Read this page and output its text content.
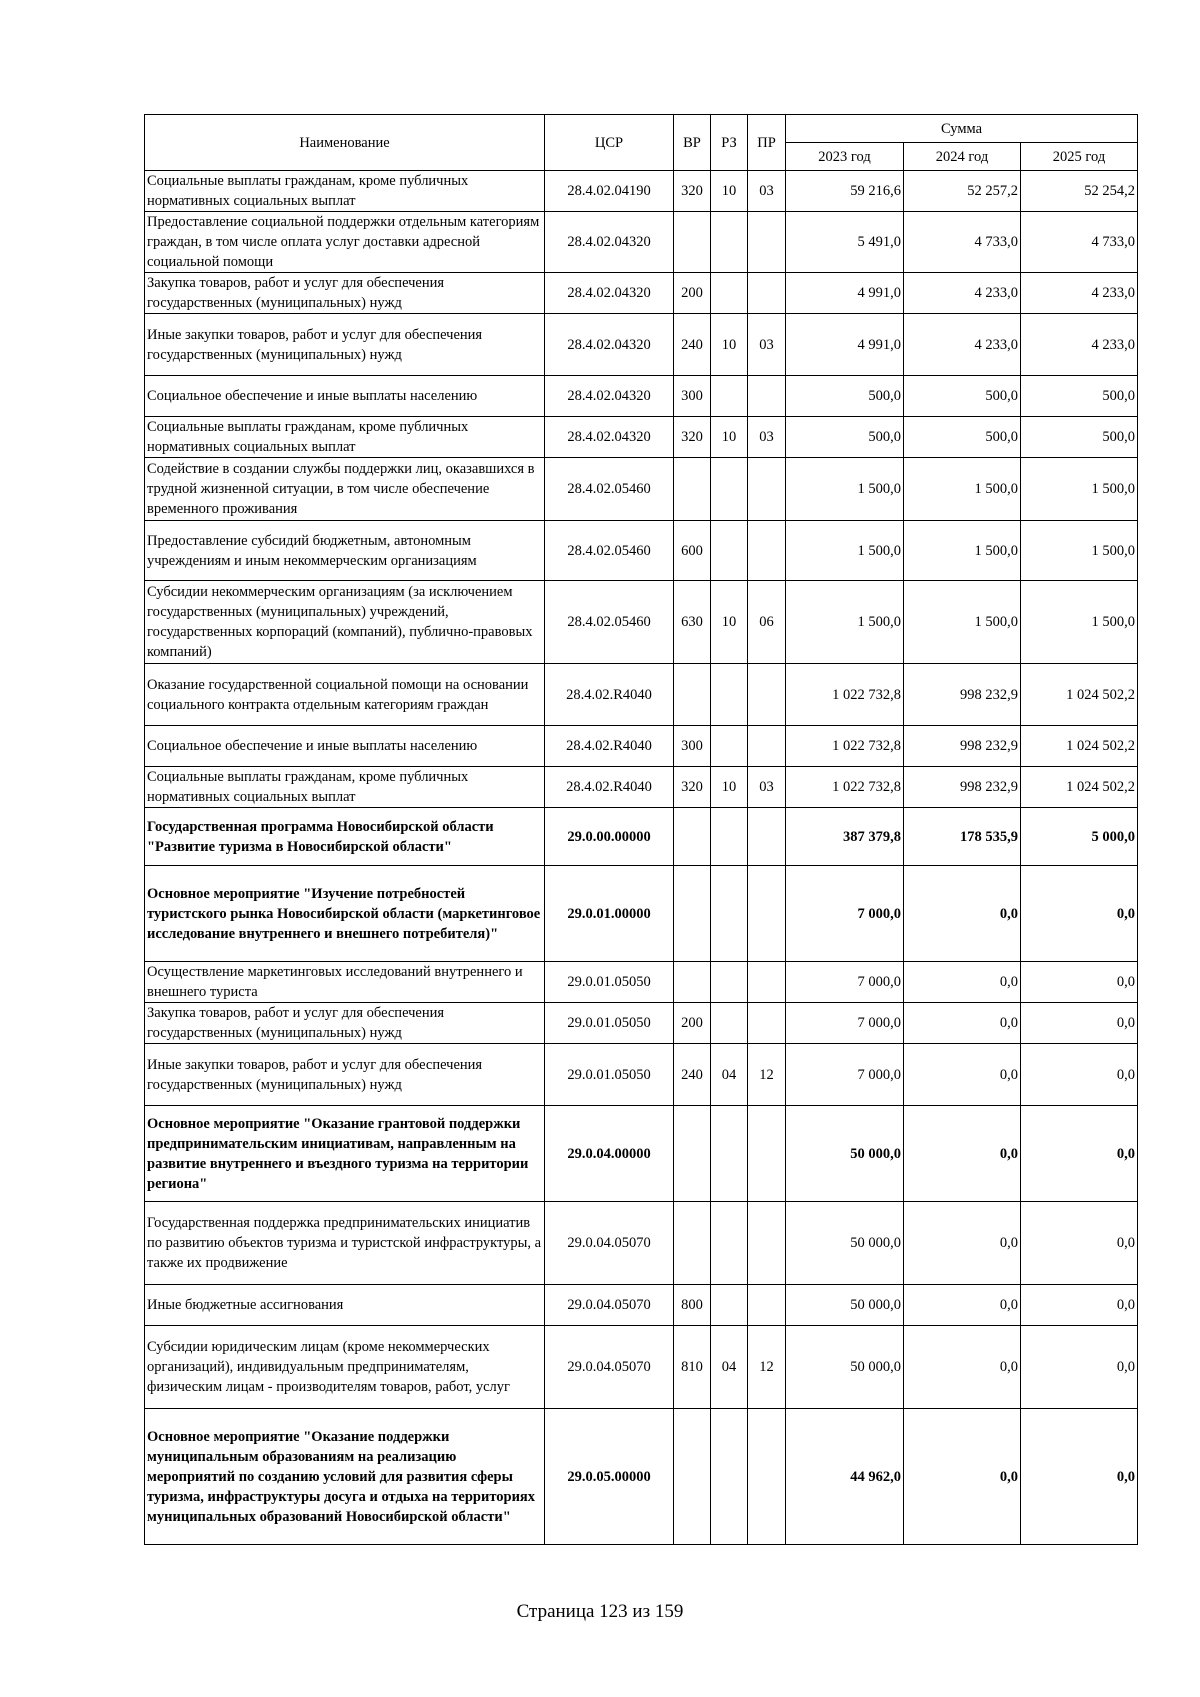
Наименование	ЦСР	ВР	РЗ	ПР	Сумма		
					2023 год	2024 год	2025 год
Социальные выплаты гражданам, кроме публичных нормативных социальных выплат	28.4.02.04190	320	10	03	59 216,6	52 257,2	52 254,2
Предоставление социальной поддержки отдельным категориям граждан, в том числе оплата услуг доставки адресной социальной помощи	28.4.02.04320				5 491,0	4 733,0	4 733,0
Закупка товаров, работ и услуг для обеспечения государственных (муниципальных) нужд	28.4.02.04320	200			4 991,0	4 233,0	4 233,0
Иные закупки товаров, работ и услуг для обеспечения государственных (муниципальных) нужд	28.4.02.04320	240	10	03	4 991,0	4 233,0	4 233,0
Социальное обеспечение и иные выплаты населению	28.4.02.04320	300			500,0	500,0	500,0
Социальные выплаты гражданам, кроме публичных нормативных социальных выплат	28.4.02.04320	320	10	03	500,0	500,0	500,0
Содействие в создании службы поддержки лиц, оказавшихся в трудной жизненной ситуации, в том числе обеспечение временного проживания	28.4.02.05460				1 500,0	1 500,0	1 500,0
Предоставление субсидий бюджетным, автономным учреждениям и иным некоммерческим организациям	28.4.02.05460	600			1 500,0	1 500,0	1 500,0
Субсидии некоммерческим организациям (за исключением государственных (муниципальных) учреждений, государственных корпораций (компаний), публично-правовых компаний)	28.4.02.05460	630	10	06	1 500,0	1 500,0	1 500,0
Оказание государственной социальной помощи на основании социального контракта отдельным категориям граждан	28.4.02.R4040				1 022 732,8	998 232,9	1 024 502,2
Социальное обеспечение и иные выплаты населению	28.4.02.R4040	300			1 022 732,8	998 232,9	1 024 502,2
Социальные выплаты гражданам, кроме публичных нормативных социальных выплат	28.4.02.R4040	320	10	03	1 022 732,8	998 232,9	1 024 502,2
Государственная программа Новосибирской области "Развитие туризма в Новосибирской области"	29.0.00.00000				387 379,8	178 535,9	5 000,0
Основное мероприятие "Изучение потребностей туристского рынка Новосибирской области (маркетинговое исследование внутреннего и внешнего потребителя)"	29.0.01.00000				7 000,0	0,0	0,0
Осуществление маркетинговых исследований внутреннего и внешнего туриста	29.0.01.05050				7 000,0	0,0	0,0
Закупка товаров, работ и услуг для обеспечения государственных (муниципальных) нужд	29.0.01.05050	200			7 000,0	0,0	0,0
Иные закупки товаров, работ и услуг для обеспечения государственных (муниципальных) нужд	29.0.01.05050	240	04	12	7 000,0	0,0	0,0
Основное мероприятие "Оказание грантовой поддержки предпринимательским инициативам, направленным на развитие внутреннего и въездного туризма на территории региона"	29.0.04.00000				50 000,0	0,0	0,0
Государственная поддержка предпринимательских инициатив по развитию объектов туризма и туристской инфраструктуры, а также их продвижение	29.0.04.05070				50 000,0	0,0	0,0
Иные бюджетные ассигнования	29.0.04.05070	800			50 000,0	0,0	0,0
Субсидии юридическим лицам (кроме некоммерческих организаций), индивидуальным предпринимателям, физическим лицам - производителям товаров, работ, услуг	29.0.04.05070	810	04	12	50 000,0	0,0	0,0
Основное мероприятие "Оказание поддержки муниципальным образованиям на реализацию мероприятий по созданию условий для развития сферы туризма, инфраструктуры досуга и отдыха на территориях муниципальных образований Новосибирской области"	29.0.05.00000				44 962,0	0,0	0,0
Страница 123 из 159
